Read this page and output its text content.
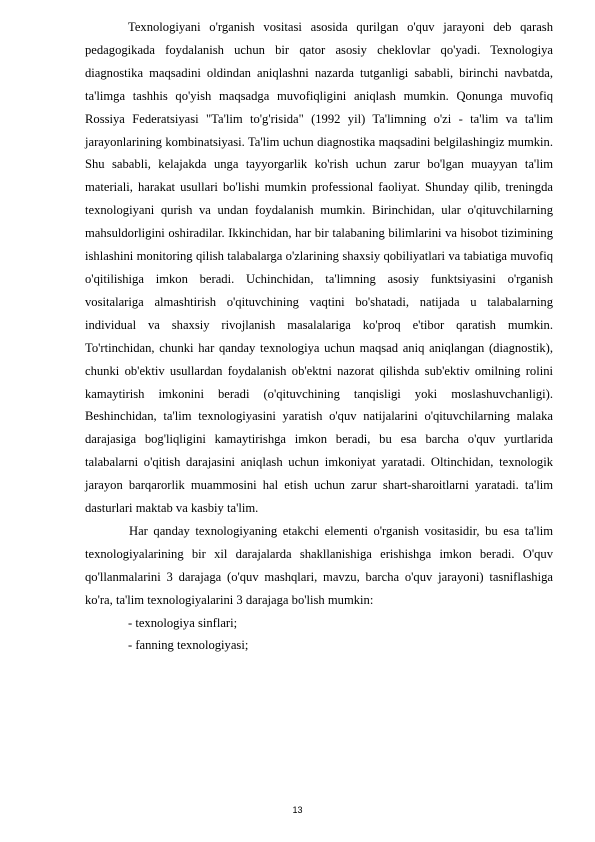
Texnologiyani o'rganish vositasi asosida qurilgan o'quv jarayoni deb qarash pedagogikada foydalanish uchun bir qator asosiy cheklovlar qo'yadi. Texnologiya diagnostika maqsadini oldindan aniqlashni nazarda tutganligi sababli, birinchi navbatda, ta'limga tashhis qo'yish maqsadga muvofiqligini aniqlash mumkin. Qonunga muvofiq Rossiya Federatsiyasi "Ta'lim to'g'risida" (1992 yil) Ta'limning o'zi - ta'lim va ta'lim jarayonlarining kombinatsiyasi. Ta'lim uchun diagnostika maqsadini belgilashingiz mumkin. Shu sababli, kelajakda unga tayyorgarlik ko'rish uchun zarur bo'lgan muayyan ta'lim materiali, harakat usullari bo'lishi mumkin professional faoliyat. Shunday qilib, treningda texnologiyani qurish va undan foydalanish mumkin. Birinchidan, ular o'qituvchilarning mahsuldorligini oshiradilar. Ikkinchidan, har bir talabaning bilimlarini va hisobot tizimining ishlashini monitoring qilish talabalarga o'zlarining shaxsiy qobiliyatlari va tabiatiga muvofiq o'qitilishiga imkon beradi. Uchinchidan, ta'limning asosiy funktsiyasini o'rganish vositalariga almashtirish o'qituvchining vaqtini bo'shatadi, natijada u talabalarning individual va shaxsiy rivojlanish masalalariga ko'proq e'tibor qaratish mumkin. To'rtinchidan, chunki har qanday texnologiya uchun maqsad aniq aniqlangan (diagnostik), chunki ob'ektiv usullardan foydalanish ob'ektni nazorat qilishda sub'ektiv omilning rolini kamaytirish imkonini beradi (o'qituvchining tanqisligi yoki moslashuvchanligi). Beshinchidan, ta'lim texnologiyasini yaratish o'quv natijalarini o'qituvchilarning malaka darajasiga bog'liqligini kamaytirishga imkon beradi, bu esa barcha o'quv yurtlarida talabalarni o'qitish darajasini aniqlash uchun imkoniyat yaratadi. Oltinchidan, texnologik jarayon barqarorlik muammosini hal etish uchun zarur shart-sharoitlarni yaratadi. ta'lim dasturlari maktab va kasbiy ta'lim.

Har qanday texnologiyaning etakchi elementi o'rganish vositasidir, bu esa ta'lim texnologiyalarining bir xil darajalarda shakllanishiga erishishga imkon beradi. O'quv qo'llanmalarini 3 darajaga (o'quv mashqlari, mavzu, barcha o'quv jarayoni) tasniflashiga ko'ra, ta'lim texnologiyalarini 3 darajaga bo'lish mumkin:

- texnologiya sinflari;

- fanning texnologiyasi;

13
